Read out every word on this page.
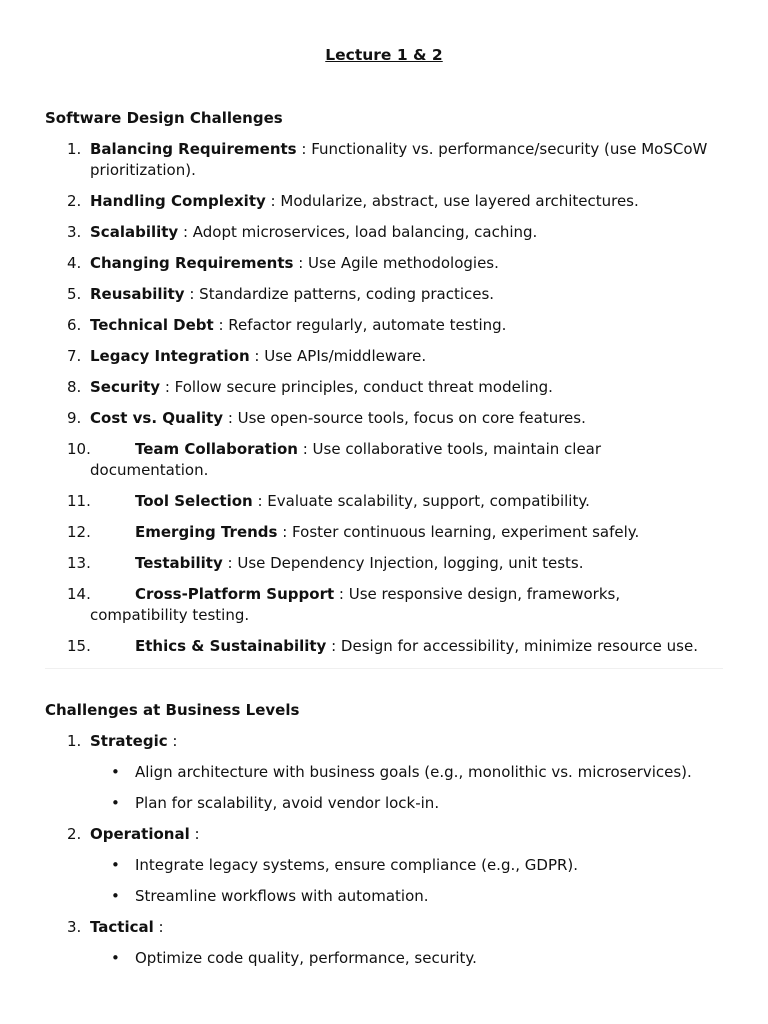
Lecture 1 & 2
Software Design Challenges
1. Balancing Requirements : Functionality vs. performance/security (use MoSCoW prioritization).
2. Handling Complexity : Modularize, abstract, use layered architectures.
3. Scalability : Adopt microservices, load balancing, caching.
4. Changing Requirements : Use Agile methodologies.
5. Reusability : Standardize patterns, coding practices.
6. Technical Debt : Refactor regularly, automate testing.
7. Legacy Integration : Use APIs/middleware.
8. Security : Follow secure principles, conduct threat modeling.
9. Cost vs. Quality : Use open-source tools, focus on core features.
10.	Team Collaboration : Use collaborative tools, maintain clear documentation.
11.	Tool Selection : Evaluate scalability, support, compatibility.
12.	Emerging Trends : Foster continuous learning, experiment safely.
13.	Testability : Use Dependency Injection, logging, unit tests.
14.	Cross-Platform Support : Use responsive design, frameworks, compatibility testing.
15.	Ethics & Sustainability : Design for accessibility, minimize resource use.
Challenges at Business Levels
1. Strategic :
• Align architecture with business goals (e.g., monolithic vs. microservices).
• Plan for scalability, avoid vendor lock-in.
2. Operational :
• Integrate legacy systems, ensure compliance (e.g., GDPR).
• Streamline workflows with automation.
3. Tactical :
• Optimize code quality, performance, security.
